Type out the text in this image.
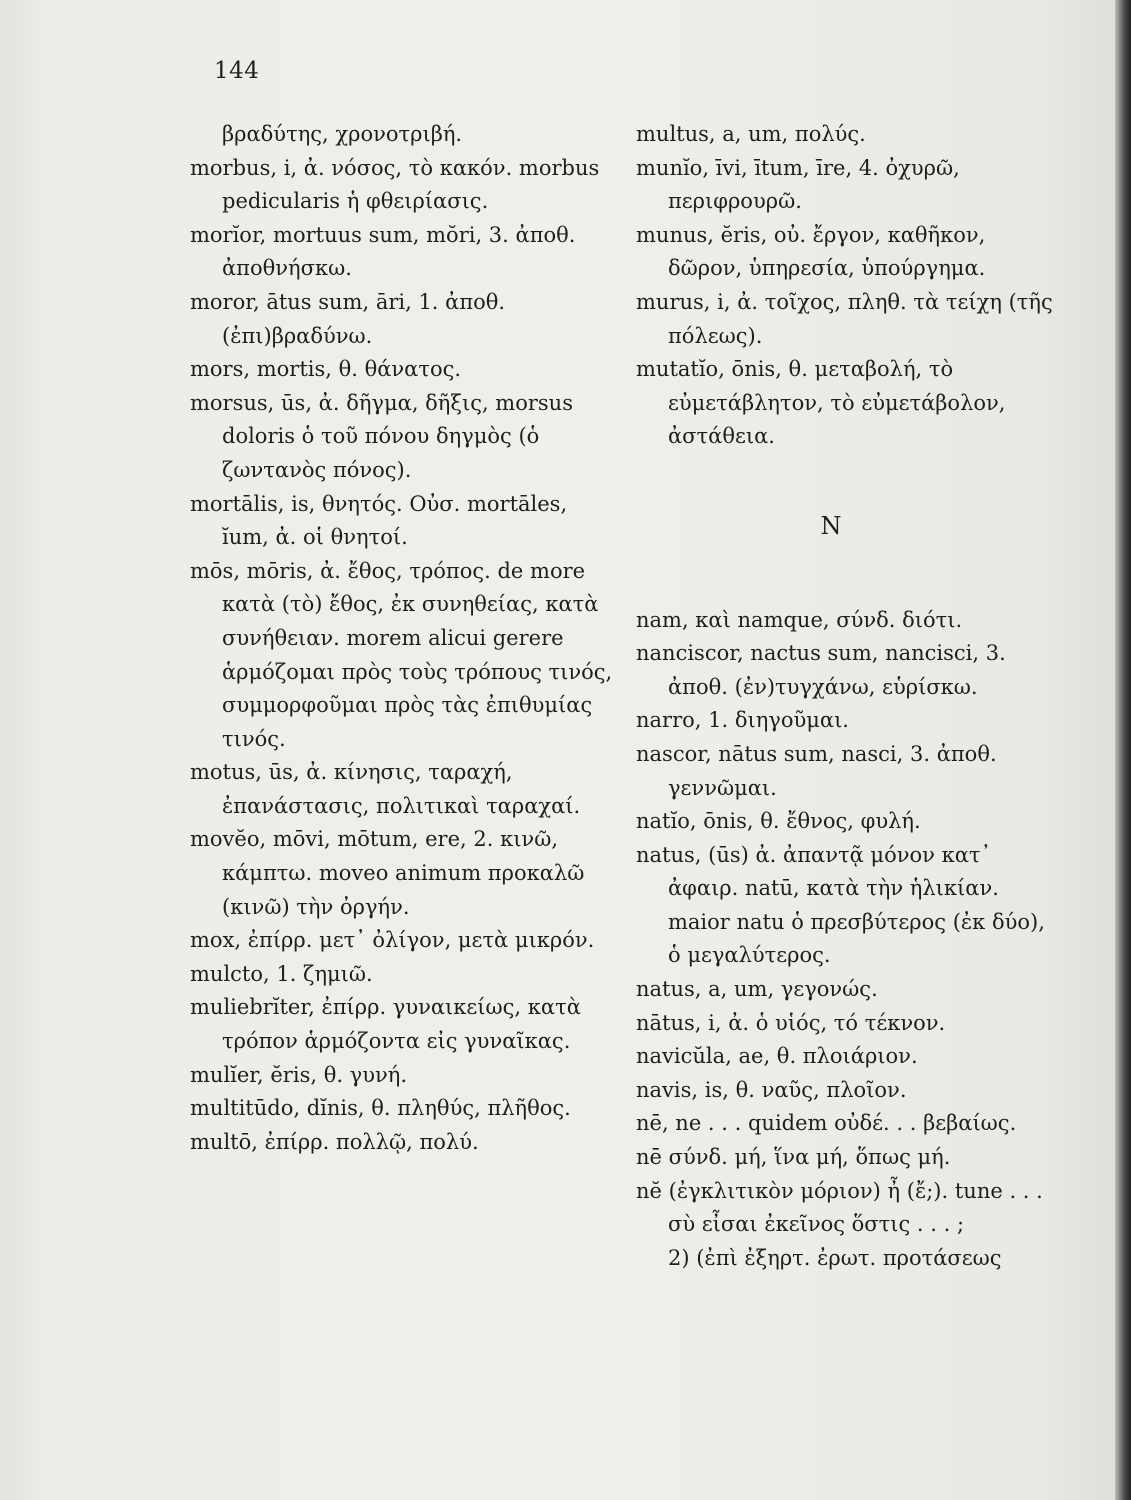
144

βραδύτης, χρονοτριβή.

morbus, i, ἀ. νόσος, τὸ κακόν. morbus pedicularis ἡ φθειρίασις.

morĭor, mortuus sum, mŏri, 3. ἀποθ. ἀποθνήσκω.

moror, ātus sum, āri, 1. ἀποθ. (ἐπι)βραδύνω.

mors, mortis, θ. θάνατος.

morsus, ūs, ἀ. δῆγμα, δῆξις, morsus doloris ὁ τοῦ πόνου δηγμὸς (ὁ ζωντανὸς πόνος).

mortālis, is, θνητός. Οὐσ. mortāles, ĭum, ἀ. οἱ θνητοί.

mōs, mōris, ἀ. ἔθος, τρόπος. de more κατὰ (τὸ) ἔθος, ἐκ συνηθείας, κατὰ συνήθειαν. morem alicui gerere ἁρμόζομαι πρὸς τοὺς τρόπους τινός, συμμορφοῦμαι πρὸς τὰς ἐπιθυμίας τινός.

motus, ūs, ἀ. κίνησις, ταραχή, ἐπανάστασις, πολιτικαὶ ταραχαί.

movĕo, mōvi, mōtum, ere, 2. κινῶ, κάμπτω. moveo animum προκαλῶ (κινῶ) τὴν ὀργήν.

mox, ἐπίρρ. μετ᾽ ὀλίγον, μετὰ μικρόν.

mulcto, 1. ζημιῶ.

muliebrĭter, ἐπίρρ. γυναικείως, κατὰ τρόπον ἁρμόζοντα εἰς γυναῖκας.

mulĭer, ĕris, θ. γυνή.

multitūdo, dĭnis, θ. πληθύς, πλῆθος.

multō, ἐπίρρ. πολλῷ, πολύ.

multus, a, um, πολύς.

munĭo, īvi, ītum, īre, 4. ὀχυρῶ, περιφρουρῶ.

munus, ĕris, οὐ. ἔργον, καθῆκον, δῶρον, ὑπηρεσία, ὑπούργημα.

murus, i, ἀ. τοῖχος, πληθ. τὰ τείχη (τῆς πόλεως).

mutatĭo, ōnis, θ. μεταβολή, τὸ εὐμετάβλητον, τὸ εὐμετάβολον, ἀστάθεια.

N

nam, καὶ namque, σύνδ. διότι.

nanciscor, nactus sum, nancisci, 3. ἀποθ. (ἐν)τυγχάνω, εὑρίσκω.

narro, 1. διηγοῦμαι.

nascor, nātus sum, nasci, 3. ἀποθ. γεννῶμαι.

natĭo, ōnis, θ. ἔθνος, φυλή.

natus, (ūs) ἀ. ἀπαντᾷ μόνον κατ᾽ ἀφαιρ. natū, κατὰ τὴν ἡλικίαν. maior natu ὁ πρεσβύτερος (ἐκ δύο), ὁ μεγαλύτερος.

natus, a, um, γεγονώς.

nātus, i, ἀ. ὁ υἱός, τό τέκνον.

navicŭla, ae, θ. πλοιάριον.

navis, is, θ. ναῦς, πλοῖον.

nē, ne . . . quidem οὐδέ. . . βεβαίως.

nē σύνδ. μή, ἵνα μή, ὅπως μή.

nĕ (ἐγκλιτικὸν μόριον) ἦ (ἔ;). tune . . . σὺ εἶσαι ἐκεῖνος ὅστις . . . ;

2) (ἐπὶ ἐξηρτ. ἐρωτ. προτάσεως
